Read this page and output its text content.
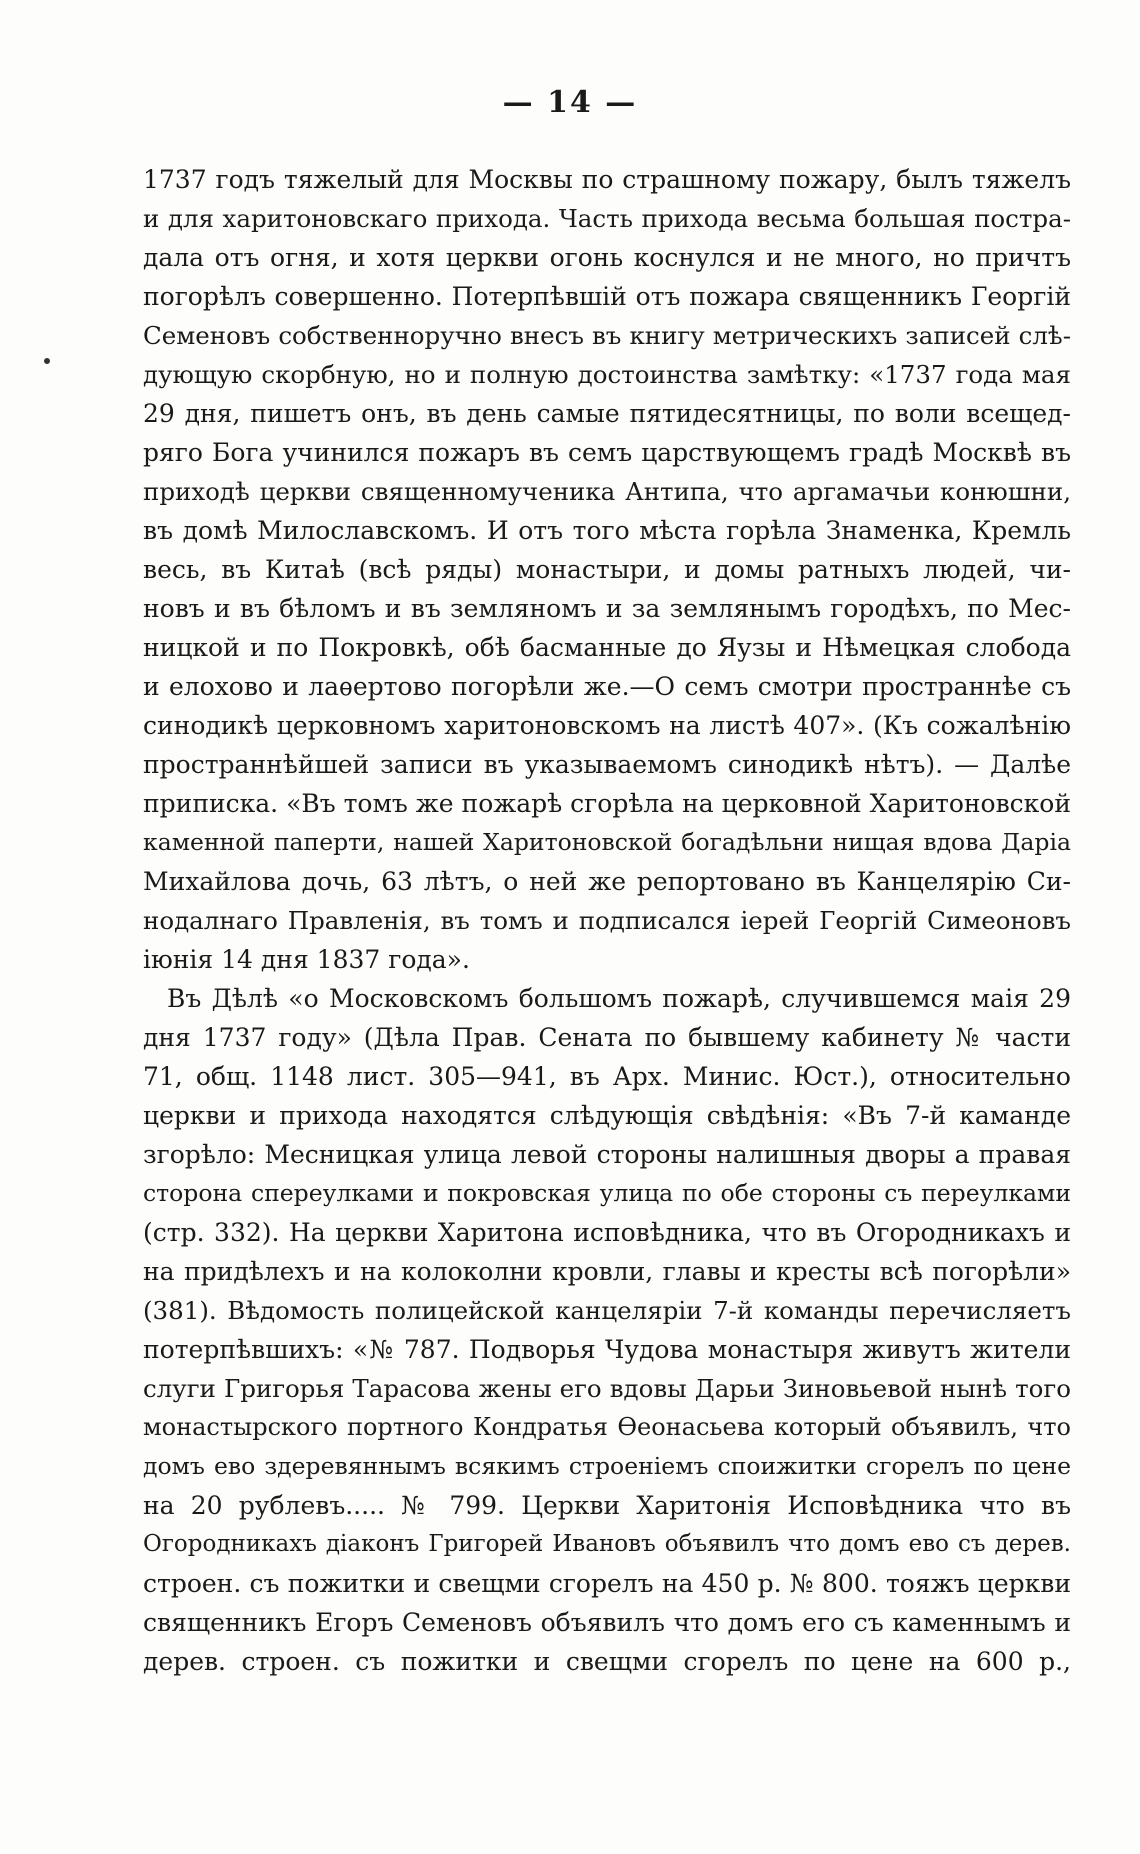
— 14 —
1737 годъ тяжелый для Москвы по страшному пожару, былъ тяжелъ
и для харитоновскаго прихода. Часть прихода весьма большая постра-
дала отъ огня, и хотя церкви огонь коснулся и не много, но причтъ
погорѣлъ совершенно. Потерпѣвшій отъ пожара священникъ Георгій
Семеновъ собственноручно внесъ въ книгу метрическихъ записей слѣ-
дующую скорбную, но и полную достоинства замѣтку: «1737 года мая
29 дня, пишетъ онъ, въ день самые пятидесятницы, по воли всещед-
ряго Бога учинился пожаръ въ семъ царствующемъ градѣ Москвѣ въ
приходѣ церкви священномученика Антипа, что аргамачьи конюшни,
въ домѣ Милославскомъ. И отъ того мѣста горѣла Знаменка, Кремль
весь, въ Китаѣ (всѣ ряды) монастыри, и домы ратныхъ людей, чи-
новъ и въ бѣломъ и въ земляномъ и за землянымъ городѣхъ, по Мес-
ницкой и по Покровкѣ, обѣ басманные до Яузы и Нѣмецкая слобода
и елохово и лаѳертово погорѣли же.—О семъ смотри пространнѣе съ
синодикѣ церковномъ харитоновскомъ на листѣ 407». (Къ сожалѣнію
пространнѣйшей записи въ указываемомъ синодикѣ нѣтъ). — Далѣе
приписка. «Въ томъ же пожарѣ сгорѣла на церковной Харитоновской
каменной паперти, нашей Харитоновской богадѣльни нищая вдова Даріа
Михайлова дочь, 63 лѣтъ, о ней же репортовано въ Канцелярію Си-
нодалнаго Правленія, въ томъ и подписался іерей Георгій Симеоновъ
іюнія 14 дня 1837 года».
Въ Дѣлѣ «о Московскомъ большомъ пожарѣ, случившемся маія 29
дня 1737 году» (Дѣла Прав. Сената по бывшему кабинету № части
71, общ. 1148 лист. 305—941, въ Арх. Минис. Юст.), относительно
церкви и прихода находятся слѣдующія свѣдѣнія: «Въ 7-й каманде
згорѣло: Месницкая улица левой стороны налишныя дворы а правая
сторона спереулками и покровская улица по обе стороны съ переулками
(стр. 332). На церкви Харитона исповѣдника, что въ Огородникахъ и
на придѣлехъ и на колоколни кровли, главы и кресты всѣ погорѣли»
(381). Вѣдомость полицейской канцеляріи 7-й команды перечисляетъ
потерпѣвшихъ: «№ 787. Подворья Чудова монастыря живутъ жители
слуги Григорья Тарасова жены его вдовы Дарьи Зиновьевой нынѣ того
монастырского портного Кондратья Ѳеонасьева который объявилъ, что
домъ ево здеревяннымъ всякимъ строеніемъ споижитки сгорелъ по цене
на 20 рублевъ..... № 799. Церкви Харитонія Исповѣдника что въ
Огородникахъ діаконъ Григорей Ивановъ объявилъ что домъ ево съ дерев.
строен. съ пожитки и свещми сгорелъ на 450 р. № 800. тояжъ церкви
священникъ Егоръ Семеновъ объявилъ что домъ его съ каменнымъ и
дерев. строен. съ пожитки и свещми сгорелъ по цене на 600 р.,
